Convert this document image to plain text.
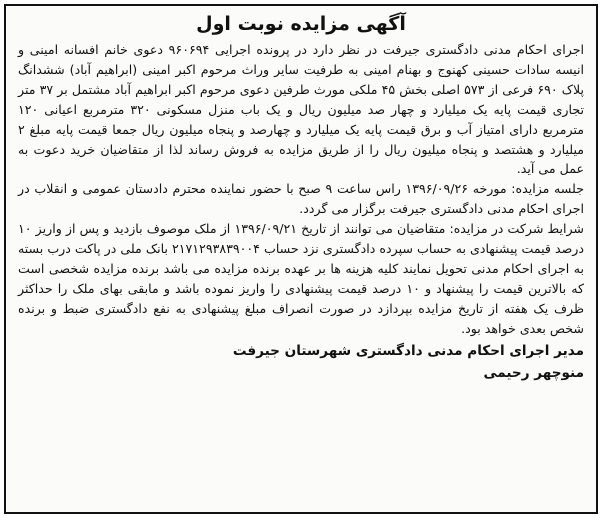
آگهی مزایده نوبت اول

اجرای احکام مدنی دادگستری جیرفت در نظر دارد در پرونده اجرایی ۹۶۰۶۹۴ دعوی خانم افسانه امینی و انیسه سادات حسینی کهنوج و بهنام امینی به طرفیت سایر وراث مرحوم اکبر امینی (ابراهیم آباد) ششدانگ پلاک ۶۹۰ فرعی از ۵۷۳ اصلی بخش ۴۵ ملکی مورث طرفین دعوی مرحوم اکبر ابراهیم آباد مشتمل بر ۳۷ متر تجاری قیمت پایه یک میلیارد و چهار صد میلیون ریال و یک باب منزل مسکونی ۳۲۰ مترمربع اعیانی ۱۲۰ مترمربع دارای امتیاز آب و برق قیمت پایه یک میلیارد و چهارصد و پنجاه میلیون ریال جمعا قیمت پایه مبلغ ۲ میلیارد و هشتصد و پنجاه میلیون ریال را از طریق مزایده به فروش رساند لذا از متقاضیان خرید دعوت به عمل می آید.

جلسه مزایده: مورخه ۱۳۹۶/۰۹/۲۶ راس ساعت ۹ صبح با حضور نماینده محترم دادستان عمومی و انقلاب در اجرای احکام مدنی دادگستری جیرفت برگزار می گردد.

شرایط شرکت در مزایده: متقاضیان می توانند از تاریخ ۱۳۹۶/۰۹/۲۱ از ملک موصوف بازدید و پس از واریز ۱۰ درصد قیمت پیشنهادی به حساب سپرده دادگستری نزد حساب ۲۱۷۱۲۹۳۸۳۹۰۰۴ بانک ملی در پاکت درب بسته به اجرای احکام مدنی تحویل نمایند کلیه هزینه ها بر عهده برنده مزایده می باشد برنده مزایده شخصی است که بالاترین قیمت را پیشنهاد و ۱۰ درصد قیمت پیشنهادی را واریز نموده باشد و مابقی بهای ملک را حداکثر ظرف یک هفته از تاریخ مزایده بپردازد در صورت انصراف مبلغ پیشنهادی به نفع دادگستری ضبط و برنده شخص بعدی خواهد بود.

مدیر اجرای احکام مدنی دادگستری شهرستان جیرفت

منوچهر رحیمی
